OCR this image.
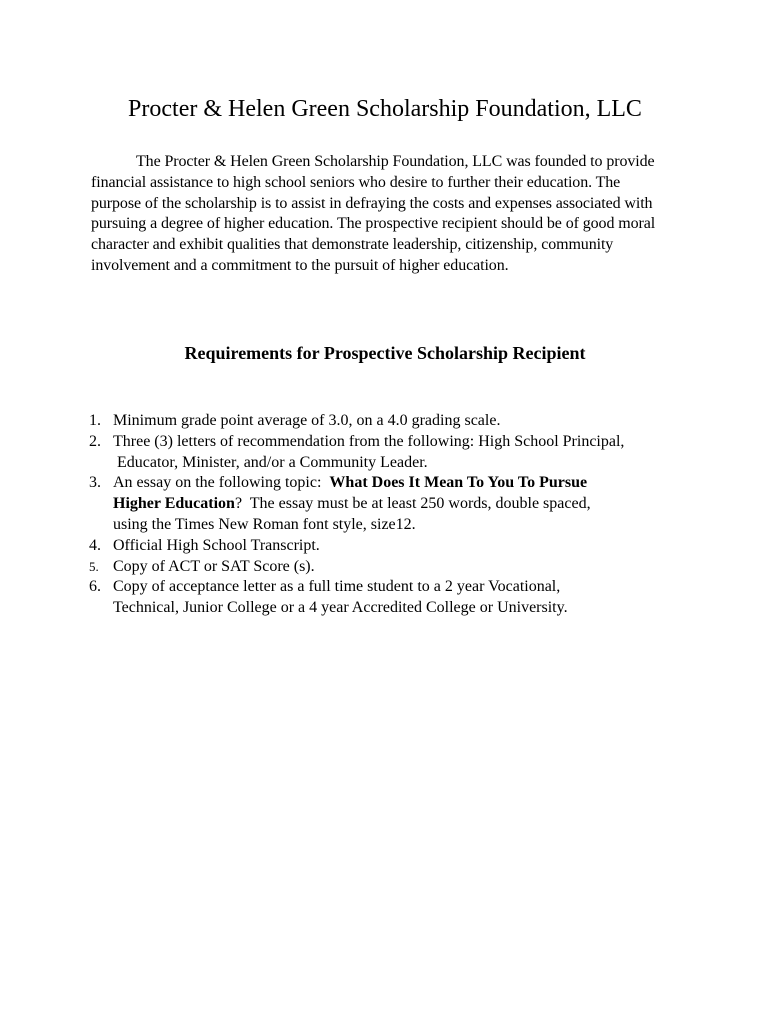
Procter & Helen Green Scholarship Foundation, LLC

The Procter & Helen Green Scholarship Foundation, LLC was founded to provide financial assistance to high school seniors who desire to further their education. The purpose of the scholarship is to assist in defraying the costs and expenses associated with pursuing a degree of higher education. The prospective recipient should be of good moral character and exhibit qualities that demonstrate leadership, citizenship, community involvement and a commitment to the pursuit of higher education.

Requirements for Prospective Scholarship Recipient
1. Minimum grade point average of 3.0, on a 4.0 grading scale.
2. Three (3) letters of recommendation from the following: High School Principal,
Educator, Minister, and/or a Community Leader.
3. An essay on the following topic:  What Does It Mean To You To Pursue
Higher Education?  The essay must be at least 250 words, double spaced,
using the Times New Roman font style, size12.
4. Official High School Transcript.
5. Copy of ACT or SAT Score (s).
6. Copy of acceptance letter as a full time student to a 2 year Vocational,
Technical, Junior College or a 4 year Accredited College or University.
